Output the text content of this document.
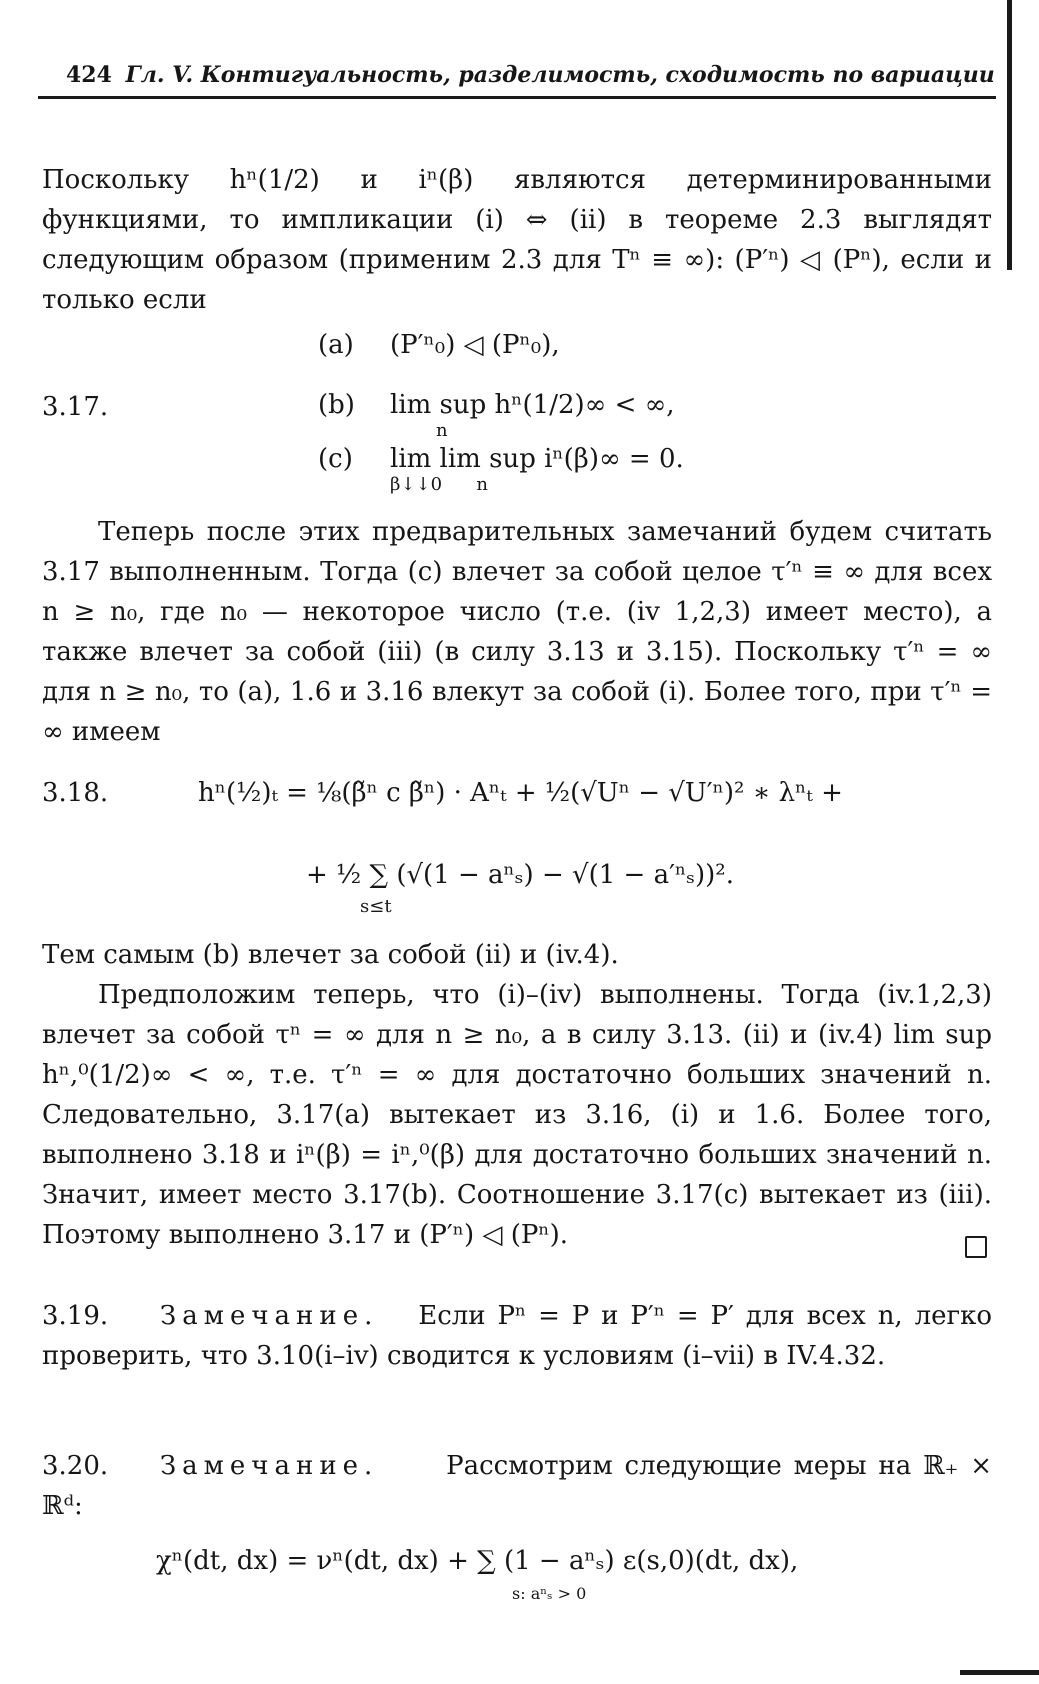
424 Гл. V. Контигуальность, разделимость, сходимость по вариации

Поскольку hⁿ(1/2) и iⁿ(β) являются детерминированными функциями, то импликации (i) ⇔ (ii) в теореме 2.3 выглядят следующим образом (применим 2.3 для Tⁿ ≡ ∞): (P′ⁿ) ◁ (Pⁿ), если и только если

3.17.
(a) (P′ⁿ₀) ◁ (Pⁿ₀),
(b) lim sup hⁿ(1/2)∞ < ∞,
n
(c) lim lim sup iⁿ(β)∞ = 0.
β↓↓0      n

Теперь после этих предварительных замечаний будем считать 3.17 выполненным. Тогда (c) влечет за собой целое τ′ⁿ ≡ ∞ для всех n ≥ n₀, где n₀ — некоторое число (т.е. (iv 1,2,3) имеет место), а также влечет за собой (iii) (в силу 3.13 и 3.15). Поскольку τ′ⁿ = ∞ для n ≥ n₀, то (a), 1.6 и 3.16 влекут за собой (i). Более того, при τ′ⁿ = ∞ имеем

3.18.	hⁿ(½)ₜ = ⅛(β̃ⁿ c β̃ⁿ) · Aⁿₜ + ½(√Uⁿ − √U′ⁿ)² ∗ λⁿₜ +
+ ½ ∑ (√(1 − aⁿₛ) − √(1 − a′ⁿₛ))².
s≤t

Тем самым (b) влечет за собой (ii) и (iv.4).

Предположим теперь, что (i)–(iv) выполнены. Тогда (iv.1,2,3) влечет за собой τⁿ = ∞ для n ≥ n₀, а в силу 3.13. (ii) и (iv.4) lim sup hⁿ,⁰(1/2)∞ < ∞, т.е. τ′ⁿ = ∞ для достаточно больших значений n. Следовательно, 3.17(a) вытекает из 3.16, (i) и 1.6. Более того, выполнено 3.18 и iⁿ(β) = iⁿ,⁰(β) для достаточно больших значений n. Значит, имеет место 3.17(b). Соотношение 3.17(c) вытекает из (iii). Поэтому выполнено 3.17 и (P′ⁿ) ◁ (Pⁿ).

3.19. Замечание. Если Pⁿ = P и P′ⁿ = P′ для всех n, легко проверить, что 3.10(i–iv) сводится к условиям (i–vii) в IV.4.32.

3.20. Замечание.	Рассмотрим следующие меры на ℝ₊ × ℝᵈ:

χⁿ(dt, dx) = νⁿ(dt, dx) + ∑ (1 − aⁿₛ) ε(s,0)(dt, dx),
s: aⁿₛ > 0
